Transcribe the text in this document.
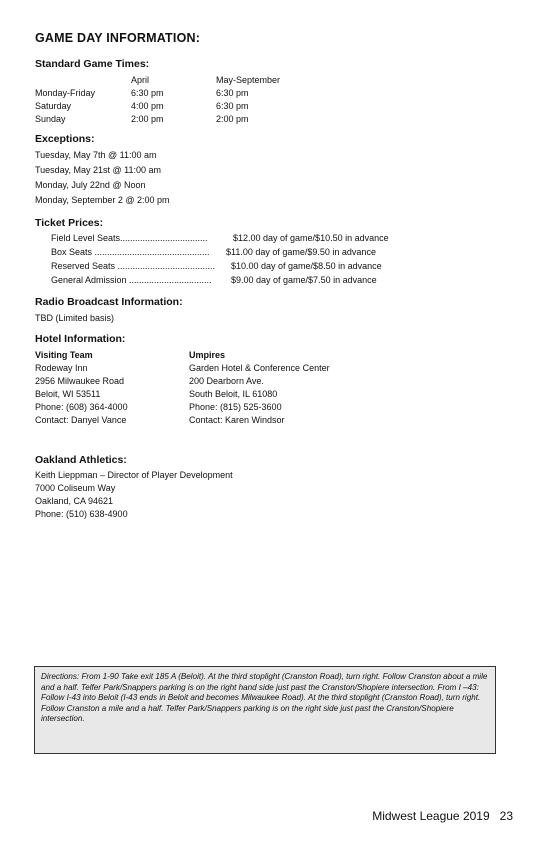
GAME DAY INFORMATION:
Standard Game Times:
April	May-September
Monday-Friday
Saturday
Sunday
6:30 pm
4:00 pm
2:00 pm
6:30 pm
6:30 pm
2:00 pm
Exceptions:
Tuesday, May 7th @ 11:00 am
Tuesday, May 21st @ 11:00 am
Monday, July 22nd @ Noon
Monday, September 2 @ 2:00 pm
Ticket Prices:
Field Level Seats...................................	$12.00 day of game/$10.50 in advance
Box Seats .............................................. $11.00 day of game/$9.50 in advance
Reserved Seats ....................................... $10.00 day of game/$8.50 in advance
General Admission ................................. $9.00 day of game/$7.50 in advance
Radio Broadcast Information:
TBD (Limited basis)
Hotel Information:
Visiting Team
Rodeway Inn
2956 Milwaukee Road
Beloit, WI 53511
Phone: (608) 364-4000
Contact: Danyel Vance
Umpires
Garden Hotel & Conference Center
200 Dearborn Ave.
South Beloit, IL 61080
Phone: (815) 525-3600
Contact: Karen Windsor
Oakland Athletics:
Keith Lieppman – Director of Player Development
7000 Coliseum Way
Oakland, CA 94621
Phone: (510) 638-4900
Directions: From 1-90 Take exit 185 A (Beloit). At the third stoplight (Cranston Road), turn right. Follow Cranston about a mile and a half. Telfer Park/Snappers parking is on the right hand side just past the Cranston/Shopiere intersection. From I –43: Follow I-43 into Beloit (I-43 ends in Beloit and becomes Milwaukee Road). At the third stoplight (Cranston Road), turn right. Follow Cranston a mile and a half. Telfer Park/Snappers parking is on the right side just past the Cranston/Shopiere intersection.
Midwest League 2019 23
